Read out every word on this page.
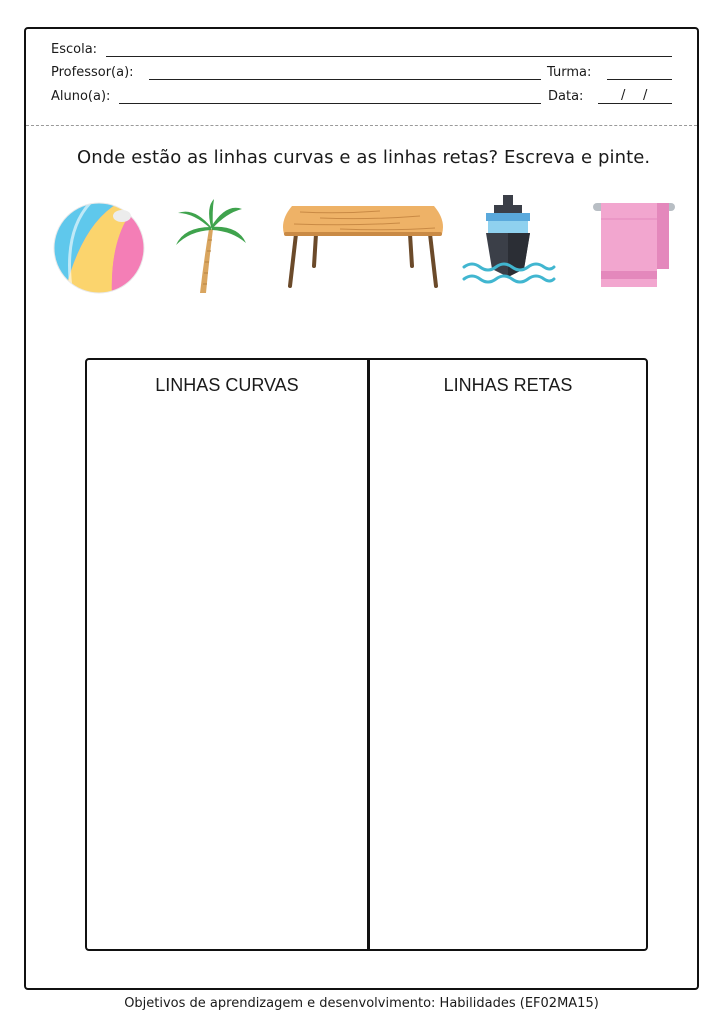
Escola:
Professor(a):	Turma:
Aluno(a):	Data:	/ /
Onde estão as linhas curvas e as linhas retas? Escreva e pinte.
LINHAS CURVAS	LINHAS RETAS
Objetivos de aprendizagem e desenvolvimento: Habilidades (EF02MA15)
